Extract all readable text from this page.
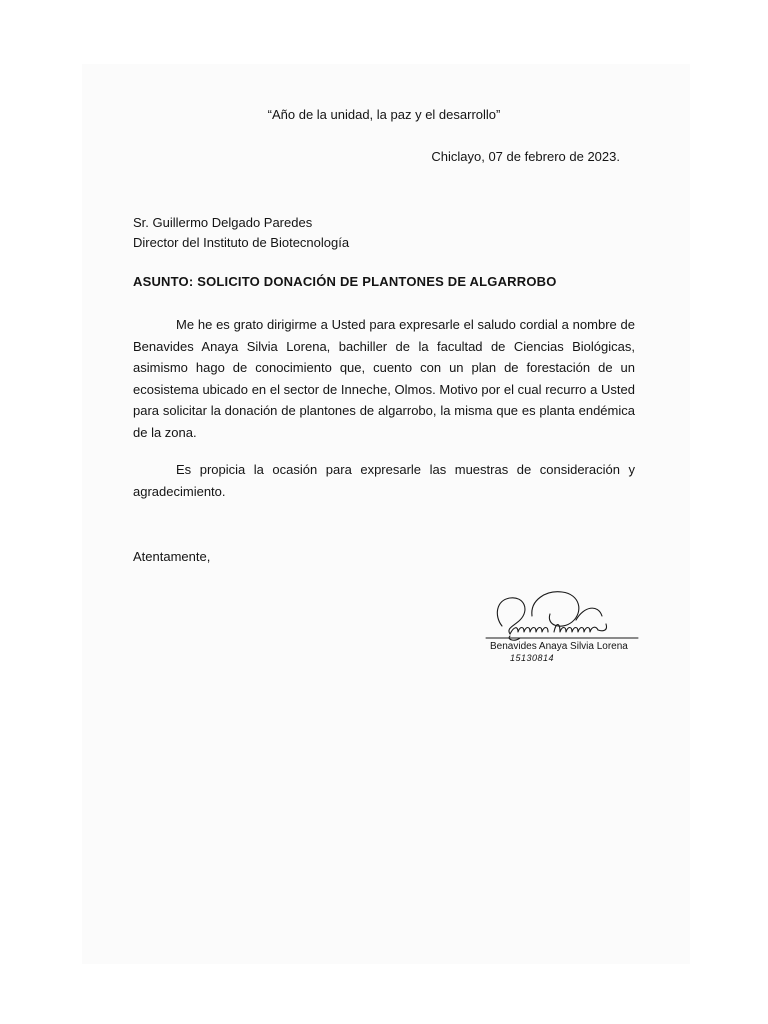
“Año de la unidad, la paz y el desarrollo”
Chiclayo, 07 de febrero de 2023.
Sr. Guillermo Delgado Paredes
Director del Instituto de Biotecnología
ASUNTO: SOLICITO DONACIÓN DE PLANTONES DE ALGARROBO

Me he es grato dirigirme a Usted para expresarle el saludo cordial a nombre de Benavides Anaya Silvia Lorena, bachiller de la facultad de Ciencias Biológicas, asimismo hago de conocimiento que, cuento con un plan de forestación de un ecosistema ubicado en el sector de Inneche, Olmos. Motivo por el cual recurro a Usted para solicitar la donación de plantones de algarrobo, la misma que es planta endémica de la zona.

Es propicia la ocasión para expresarle las muestras de consideración y agradecimiento.

Atentamente,
Benavides Anaya Silvia Lorena
1513081​4
